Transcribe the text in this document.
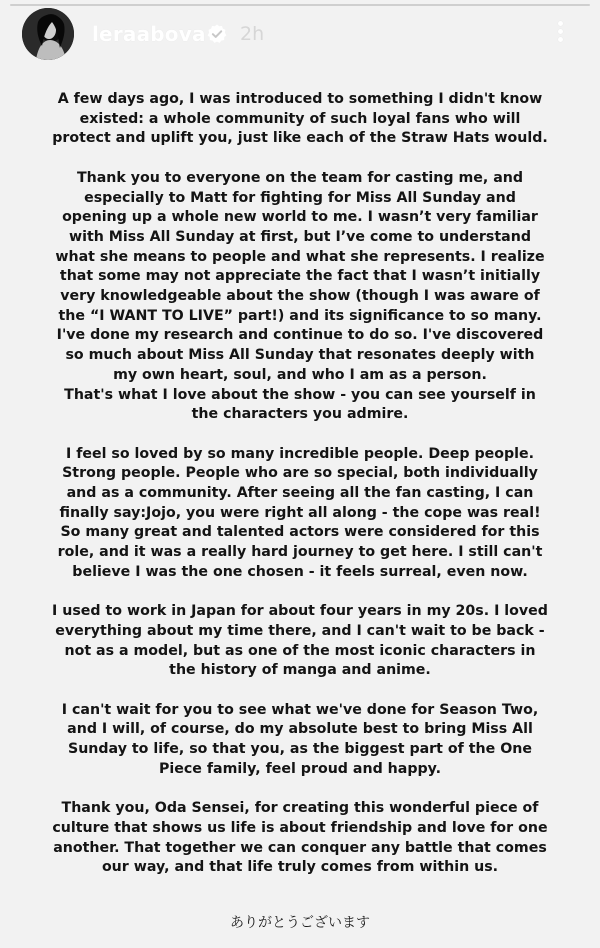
leraabova 2h
A few days ago, I was introduced to something I didn't know
existed: a whole community of such loyal fans who will
protect and uplift you, just like each of the Straw Hats would.
Thank you to everyone on the team for casting me, and
especially to Matt for fighting for Miss All Sunday and
opening up a whole new world to me. I wasn’t very familiar
with Miss All Sunday at first, but I’ve come to understand
what she means to people and what she represents. I realize
that some may not appreciate the fact that I wasn’t initially
very knowledgeable about the show (though I was aware of
the “I WANT TO LIVE” part!) and its significance to so many.
I've done my research and continue to do so. I've discovered
so much about Miss All Sunday that resonates deeply with
my own heart, soul, and who I am as a person.
That's what I love about the show - you can see yourself in
the characters you admire.
I feel so loved by so many incredible people. Deep people.
Strong people. People who are so special, both individually
and as a community. After seeing all the fan casting, I can
finally say:Jojo, you were right all along - the cope was real!
So many great and talented actors were considered for this
role, and it was a really hard journey to get here. I still can't
believe I was the one chosen - it feels surreal, even now.
I used to work in Japan for about four years in my 20s. I loved
everything about my time there, and I can't wait to be back -
not as a model, but as one of the most iconic characters in
the history of manga and anime.
I can't wait for you to see what we've done for Season Two,
and I will, of course, do my absolute best to bring Miss All
Sunday to life, so that you, as the biggest part of the One
Piece family, feel proud and happy.
Thank you, Oda Sensei, for creating this wonderful piece of
culture that shows us life is about friendship and love for one
another. That together we can conquer any battle that comes
our way, and that life truly comes from within us.
ありがとうございます
